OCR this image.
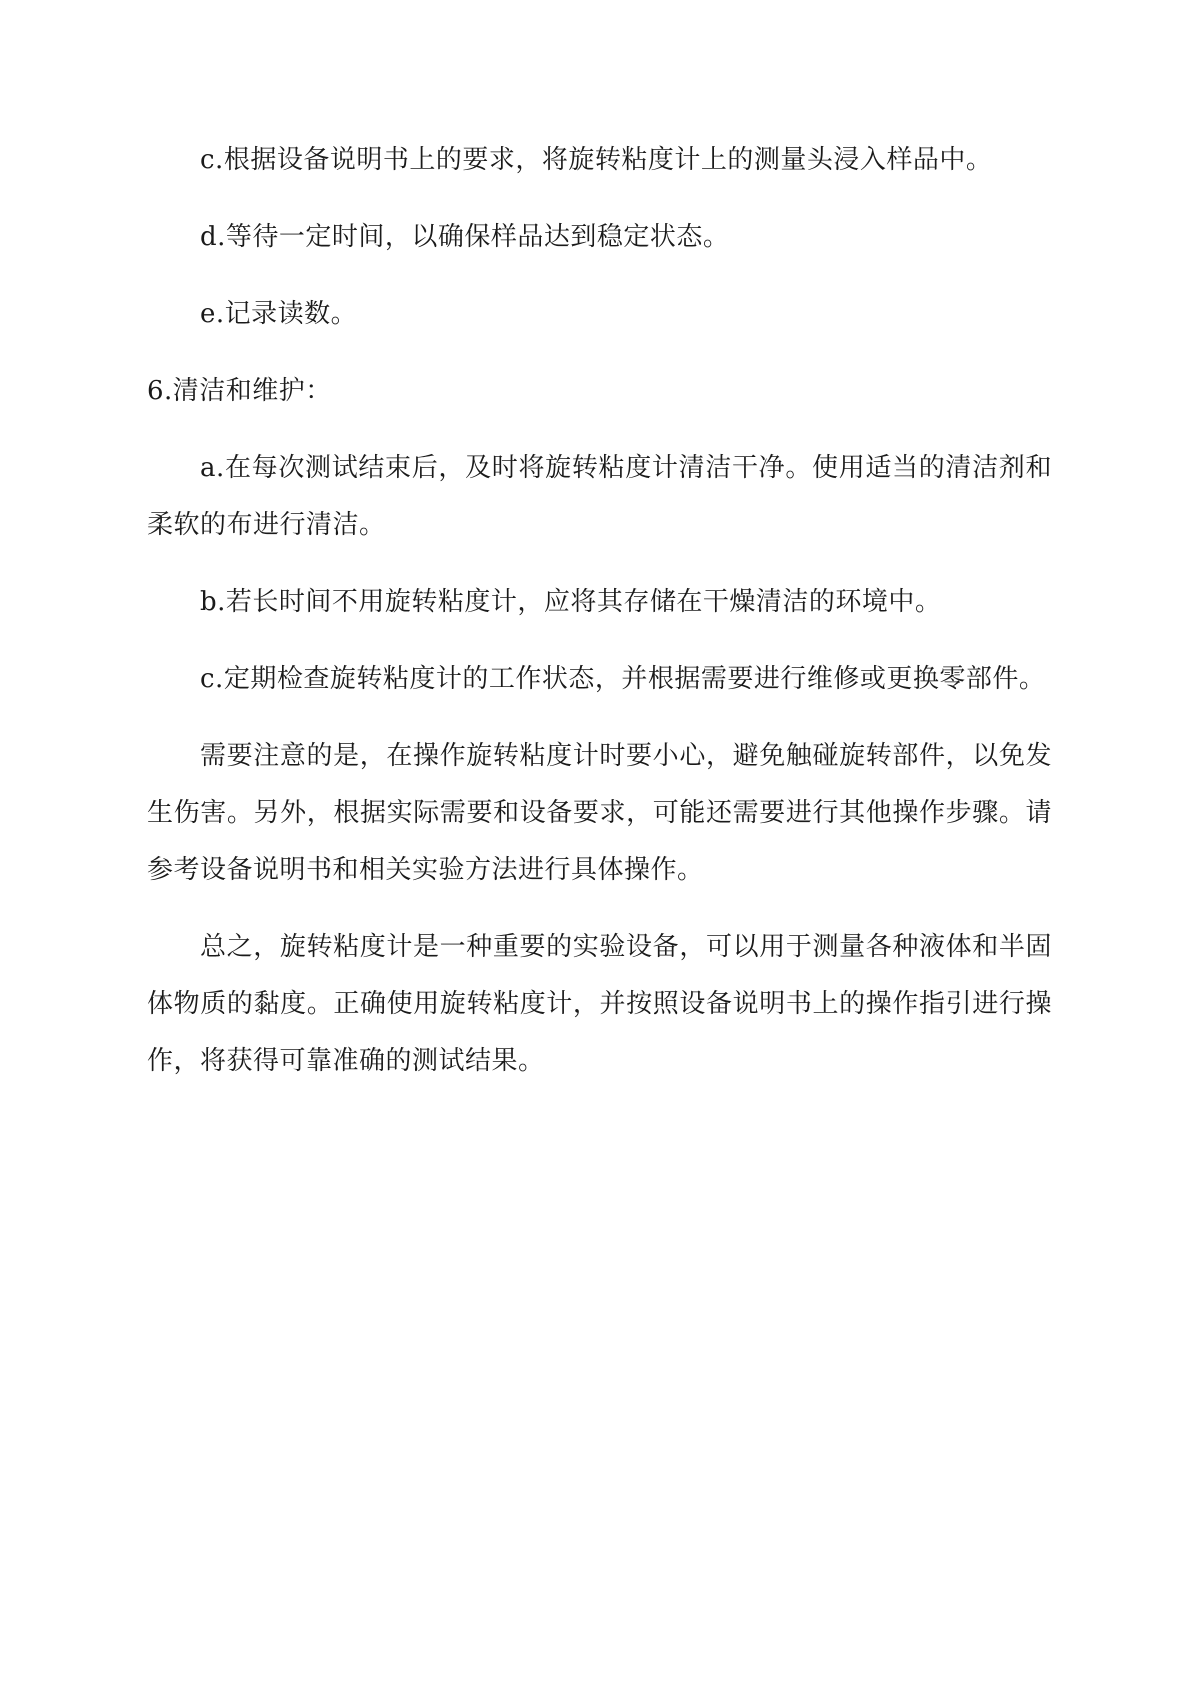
c.根据设备说明书上的要求，将旋转粘度计上的测量头浸入样品中。

d.等待一定时间，以确保样品达到稳定状态。

e.记录读数。

6.清洁和维护：

a.在每次测试结束后，及时将旋转粘度计清洁干净。使用适当的清洁剂和柔软的布进行清洁。

b.若长时间不用旋转粘度计，应将其存储在干燥清洁的环境中。

c.定期检查旋转粘度计的工作状态，并根据需要进行维修或更换零部件。

需要注意的是，在操作旋转粘度计时要小心，避免触碰旋转部件，以免发生伤害。另外，根据实际需要和设备要求，可能还需要进行其他操作步骤。请参考设备说明书和相关实验方法进行具体操作。

总之，旋转粘度计是一种重要的实验设备，可以用于测量各种液体和半固体物质的黏度。正确使用旋转粘度计，并按照设备说明书上的操作指引进行操作，将获得可靠准确的测试结果。
